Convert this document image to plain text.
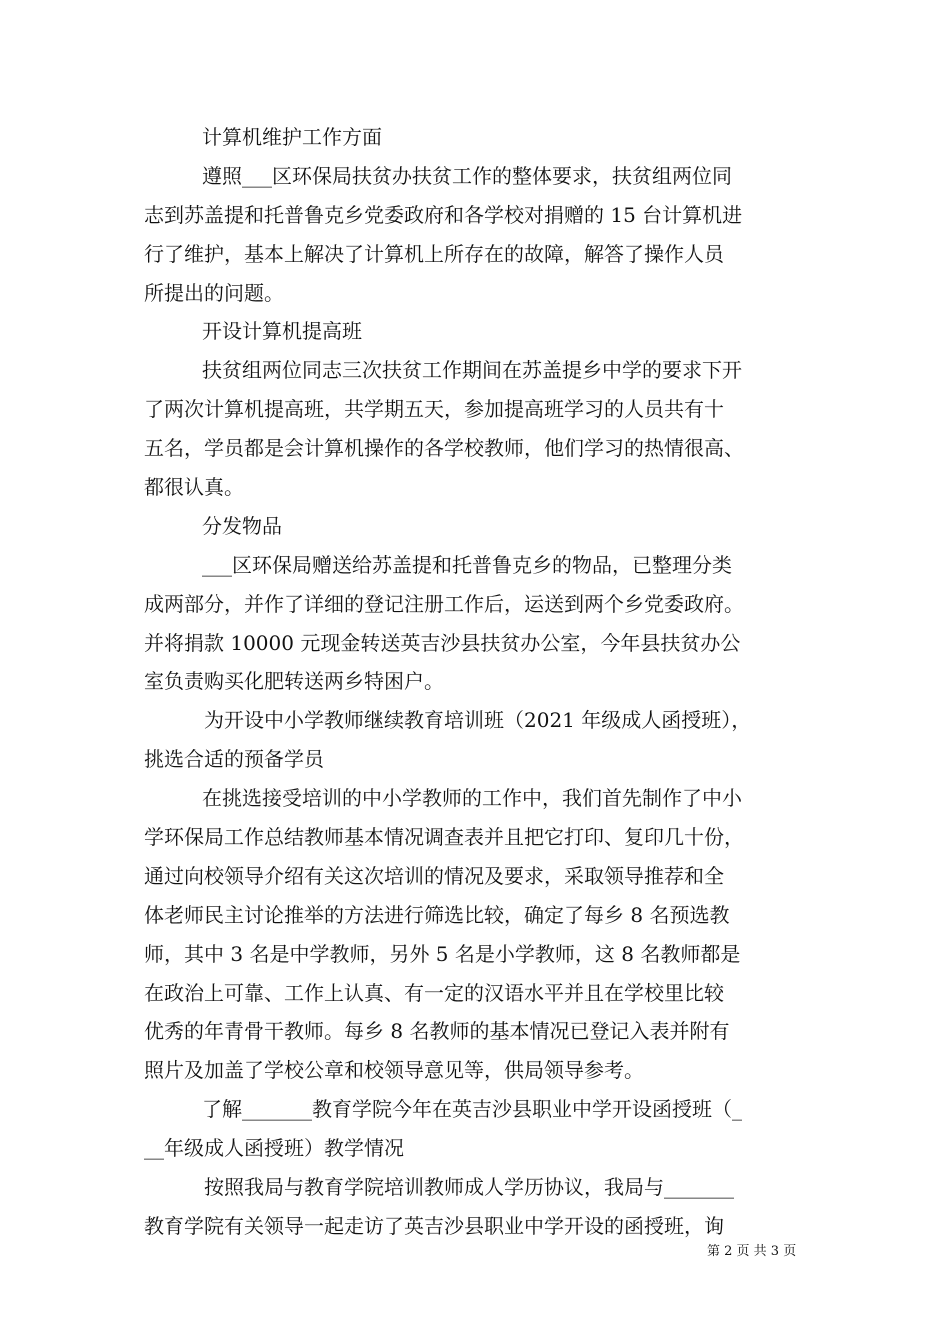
计算机维护工作方面
遵照___区环保局扶贫办扶贫工作的整体要求，扶贫组两位同
志到苏盖提和托普鲁克乡党委政府和各学校对捐赠的 15 台计算机进
行了维护，基本上解决了计算机上所存在的故障，解答了操作人员
所提出的问题。
开设计算机提高班
扶贫组两位同志三次扶贫工作期间在苏盖提乡中学的要求下开
了两次计算机提高班，共学期五天，参加提高班学习的人员共有十
五名，学员都是会计算机操作的各学校教师，他们学习的热情很高、
都很认真。
分发物品
___区环保局赠送给苏盖提和托普鲁克乡的物品，已整理分类
成两部分，并作了详细的登记注册工作后，运送到两个乡党委政府。
并将捐款 10000 元现金转送英吉沙县扶贫办公室，今年县扶贫办公
室负责购买化肥转送两乡特困户。
为开设中小学教师继续教育培训班（2021 年级成人函授班），
挑选合适的预备学员
在挑选接受培训的中小学教师的工作中，我们首先制作了中小
学环保局工作总结教师基本情况调查表并且把它打印、复印几十份，
通过向校领导介绍有关这次培训的情况及要求，采取领导推荐和全
体老师民主讨论推举的方法进行筛选比较，确定了每乡 8 名预选教
师，其中 3 名是中学教师，另外 5 名是小学教师，这 8 名教师都是
在政治上可靠、工作上认真、有一定的汉语水平并且在学校里比较
优秀的年青骨干教师。每乡 8 名教师的基本情况已登记入表并附有
照片及加盖了学校公章和校领导意见等，供局领导参考。
了解_______教育学院今年在英吉沙县职业中学开设函授班（_
__年级成人函授班）教学情况
按照我局与教育学院培训教师成人学历协议，我局与_______
教育学院有关领导一起走访了英吉沙县职业中学开设的函授班，询
第 2 页 共 3 页
